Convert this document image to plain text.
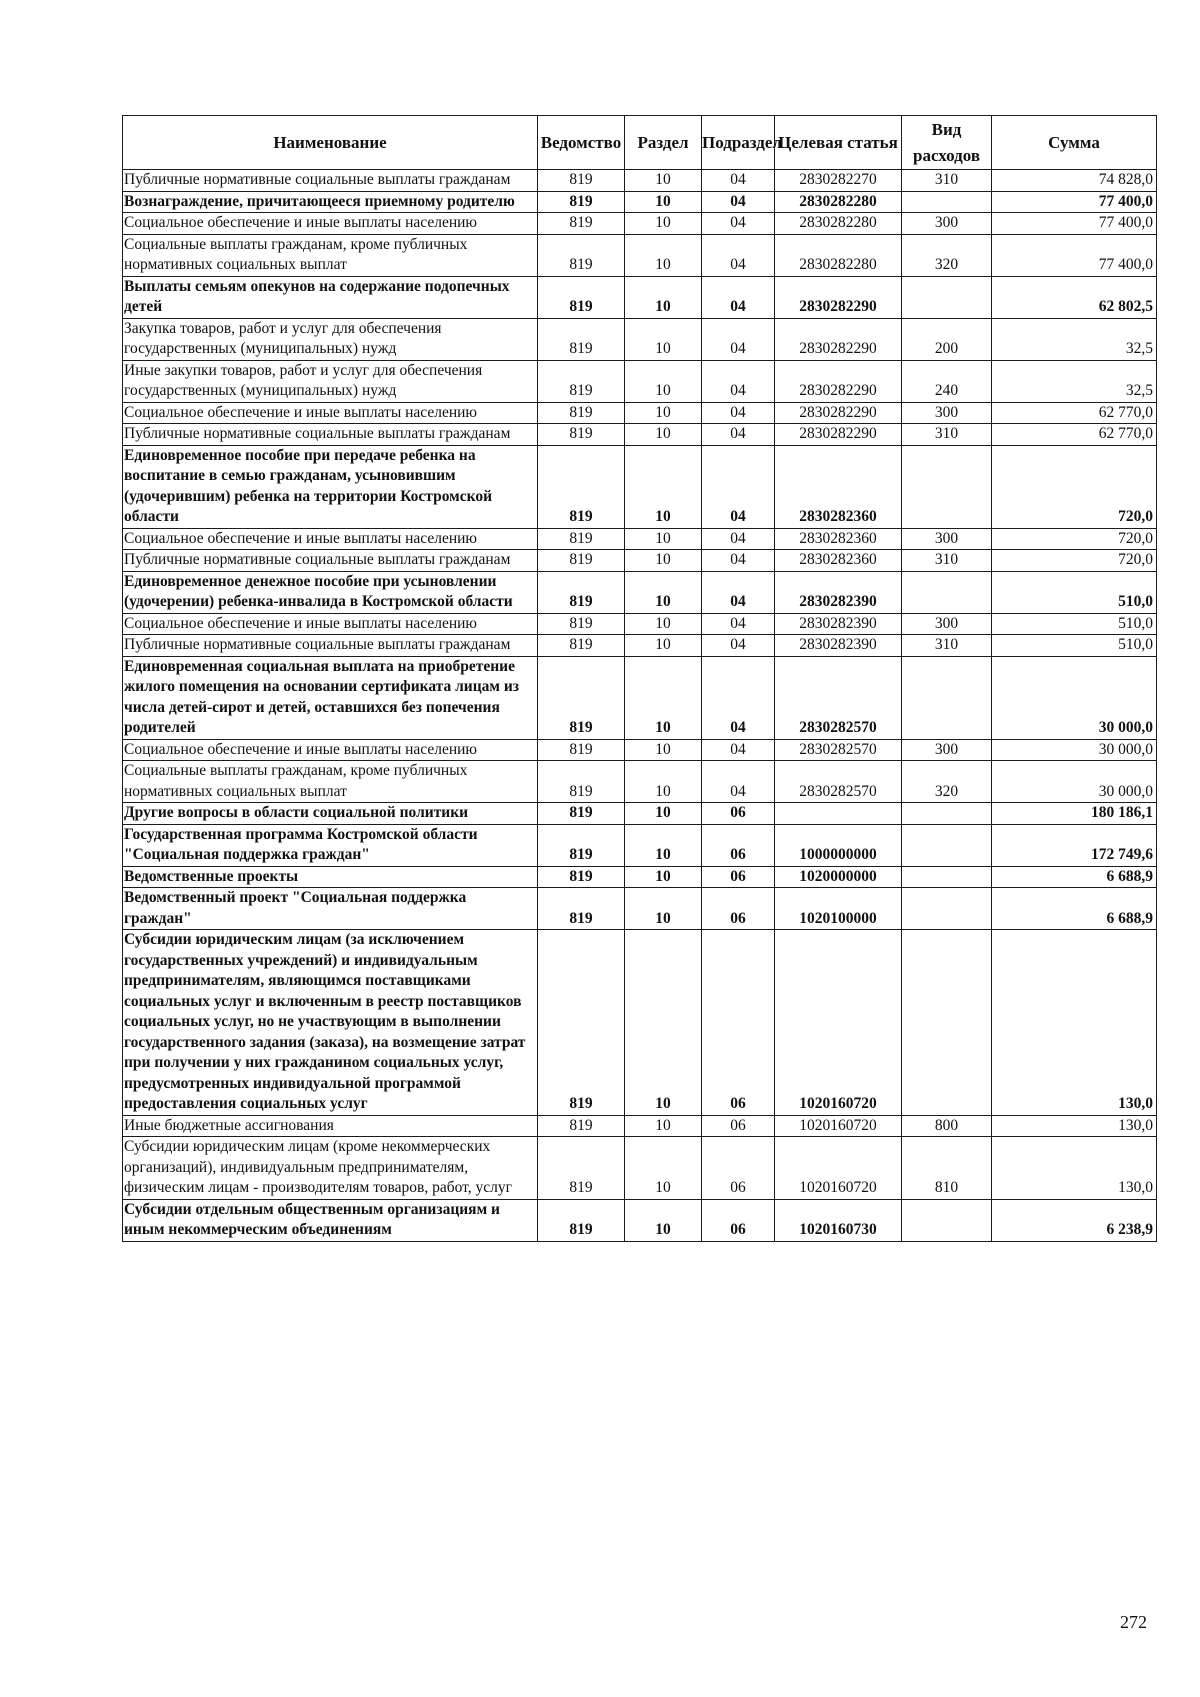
Наименование	Ведомство	Раздел	Подраздел	Целевая статья	Вид расходов	Сумма
Публичные нормативные социальные выплаты гражданам	819	10	04	2830282270	310	74 828,0
Вознаграждение, причитающееся приемному родителю	819	10	04	2830282280		77 400,0
Социальное обеспечение и иные выплаты населению	819	10	04	2830282280	300	77 400,0
Социальные выплаты гражданам, кроме публичных нормативных социальных выплат	819	10	04	2830282280	320	77 400,0
Выплаты семьям опекунов на содержание подопечных детей	819	10	04	2830282290		62 802,5
Закупка товаров, работ и услуг для обеспечения государственных (муниципальных) нужд	819	10	04	2830282290	200	32,5
Иные закупки товаров, работ и услуг для обеспечения государственных (муниципальных) нужд	819	10	04	2830282290	240	32,5
Социальное обеспечение и иные выплаты населению	819	10	04	2830282290	300	62 770,0
Публичные нормативные социальные выплаты гражданам	819	10	04	2830282290	310	62 770,0
Единовременное пособие при передаче ребенка на воспитание в семью гражданам, усыновившим (удочерившим) ребенка на территории Костромской области	819	10	04	2830282360		720,0
Социальное обеспечение и иные выплаты населению	819	10	04	2830282360	300	720,0
Публичные нормативные социальные выплаты гражданам	819	10	04	2830282360	310	720,0
Единовременное денежное пособие при усыновлении (удочерении) ребенка-инвалида в Костромской области	819	10	04	2830282390		510,0
Социальное обеспечение и иные выплаты населению	819	10	04	2830282390	300	510,0
Публичные нормативные социальные выплаты гражданам	819	10	04	2830282390	310	510,0
Единовременная социальная выплата на приобретение жилого помещения на основании сертификата лицам из числа детей-сирот и детей, оставшихся без попечения родителей	819	10	04	2830282570		30 000,0
Социальное обеспечение и иные выплаты населению	819	10	04	2830282570	300	30 000,0
Социальные выплаты гражданам, кроме публичных нормативных социальных выплат	819	10	04	2830282570	320	30 000,0
Другие вопросы в области социальной политики	819	10	06			180 186,1
Государственная программа Костромской области "Социальная поддержка граждан"	819	10	06	1000000000		172 749,6
Ведомственные проекты	819	10	06	1020000000		6 688,9
Ведомственный проект "Социальная поддержка граждан"	819	10	06	1020100000		6 688,9
Субсидии юридическим лицам (за исключением государственных учреждений) и индивидуальным предпринимателям, являющимся поставщиками социальных услуг и включенным в реестр поставщиков социальных услуг, но не участвующим в выполнении государственного задания (заказа), на возмещение затрат при получении у них гражданином социальных услуг, предусмотренных индивидуальной программой предоставления социальных услуг	819	10	06	1020160720		130,0
Иные бюджетные ассигнования	819	10	06	1020160720	800	130,0
Субсидии юридическим лицам (кроме некоммерческих организаций), индивидуальным предпринимателям, физическим лицам - производителям товаров, работ, услуг	819	10	06	1020160720	810	130,0
Субсидии отдельным общественным организациям и иным некоммерческим объединениям	819	10	06	1020160730		6 238,9
272
